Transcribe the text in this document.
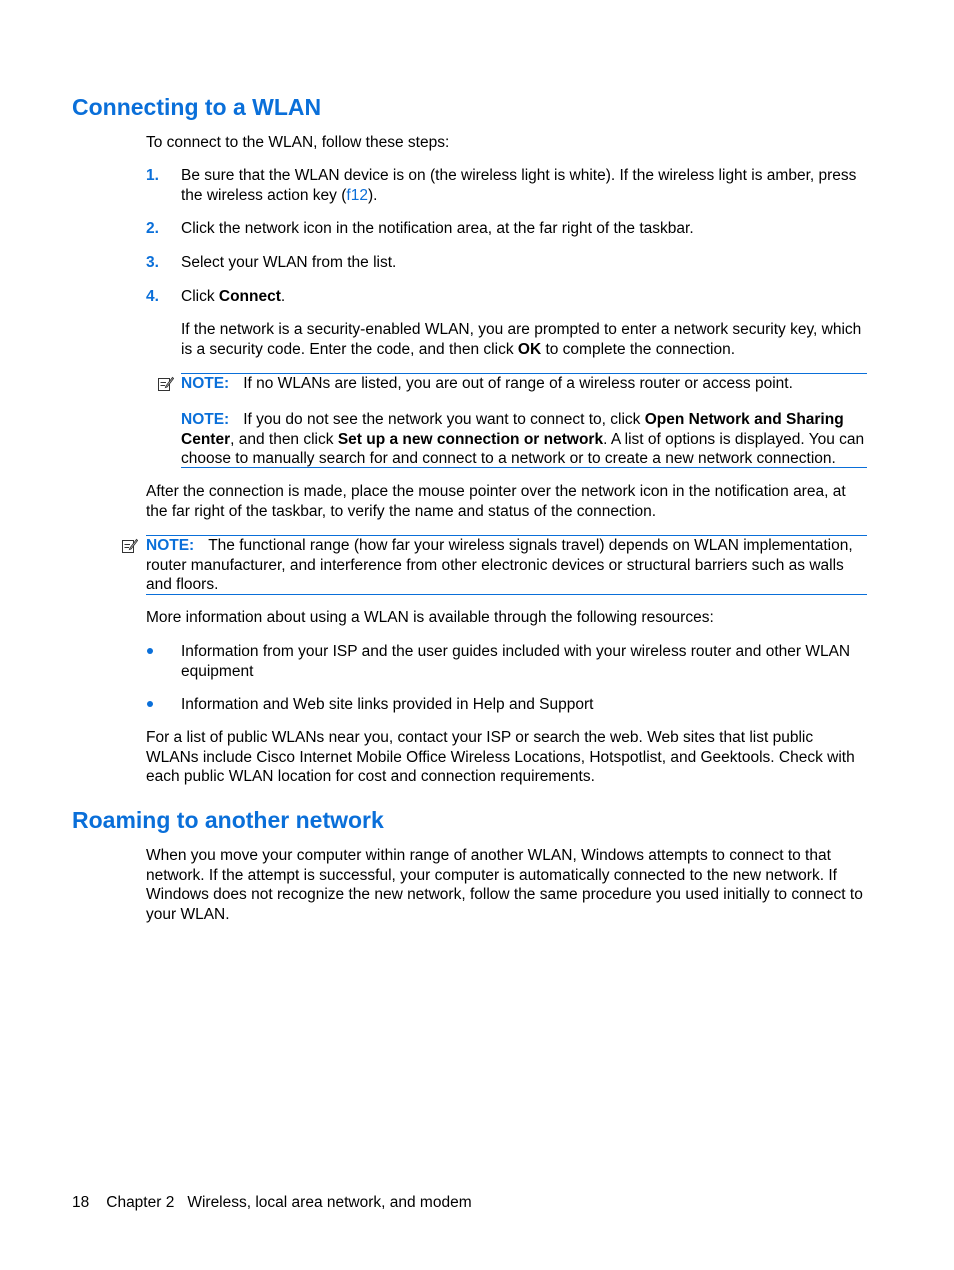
Connecting to a WLAN

To connect to the WLAN, follow these steps:

1. Be sure that the WLAN device is on (the wireless light is white). If the wireless light is amber, press the wireless action key (f12).

2. Click the network icon in the notification area, at the far right of the taskbar.

3. Select your WLAN from the list.

4. Click Connect.

If the network is a security-enabled WLAN, you are prompted to enter a network security key, which is a security code. Enter the code, and then click OK to complete the connection.

NOTE: If no WLANs are listed, you are out of range of a wireless router or access point.

NOTE: If you do not see the network you want to connect to, click Open Network and Sharing Center, and then click Set up a new connection or network. A list of options is displayed. You can choose to manually search for and connect to a network or to create a new network connection.

After the connection is made, place the mouse pointer over the network icon in the notification area, at the far right of the taskbar, to verify the name and status of the connection.

NOTE: The functional range (how far your wireless signals travel) depends on WLAN implementation, router manufacturer, and interference from other electronic devices or structural barriers such as walls and floors.

More information about using a WLAN is available through the following resources:

Information from your ISP and the user guides included with your wireless router and other WLAN equipment

Information and Web site links provided in Help and Support

For a list of public WLANs near you, contact your ISP or search the web. Web sites that list public WLANs include Cisco Internet Mobile Office Wireless Locations, Hotspotlist, and Geektools. Check with each public WLAN location for cost and connection requirements.

Roaming to another network

When you move your computer within range of another WLAN, Windows attempts to connect to that network. If the attempt is successful, your computer is automatically connected to the new network. If Windows does not recognize the new network, follow the same procedure you used initially to connect to your WLAN.

18 Chapter 2 Wireless, local area network, and modem
